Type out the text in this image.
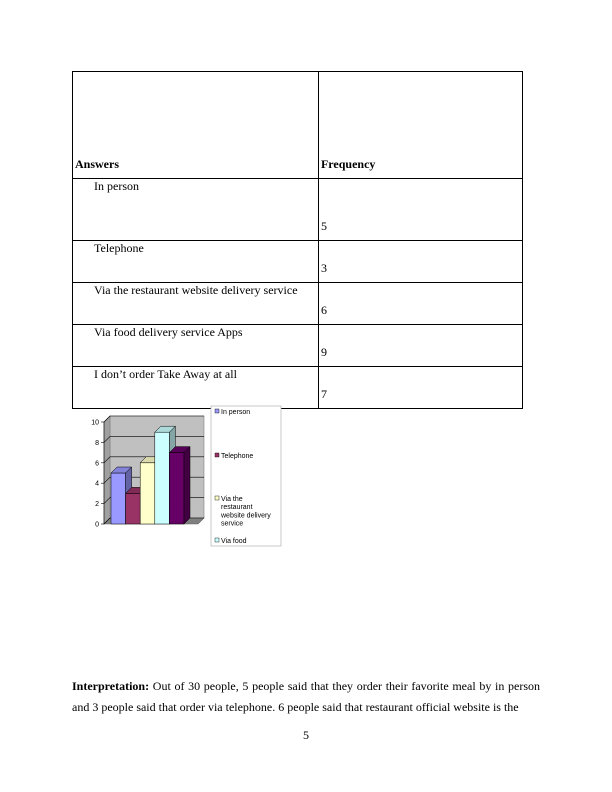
Answers	Frequency
In person	5

Telephone	3

Via the restaurant website delivery service	6

Via food delivery service Apps	9

I don’t order Take Away at all	7
0
2
4
6
8
10
In person
Telephone
Via the restaurant website delivery service
Via food
Interpretation: Out of 30 people, 5 people said that they order their favorite meal by in person and 3 people said that order via telephone. 6 people said that restaurant official website is the
5
